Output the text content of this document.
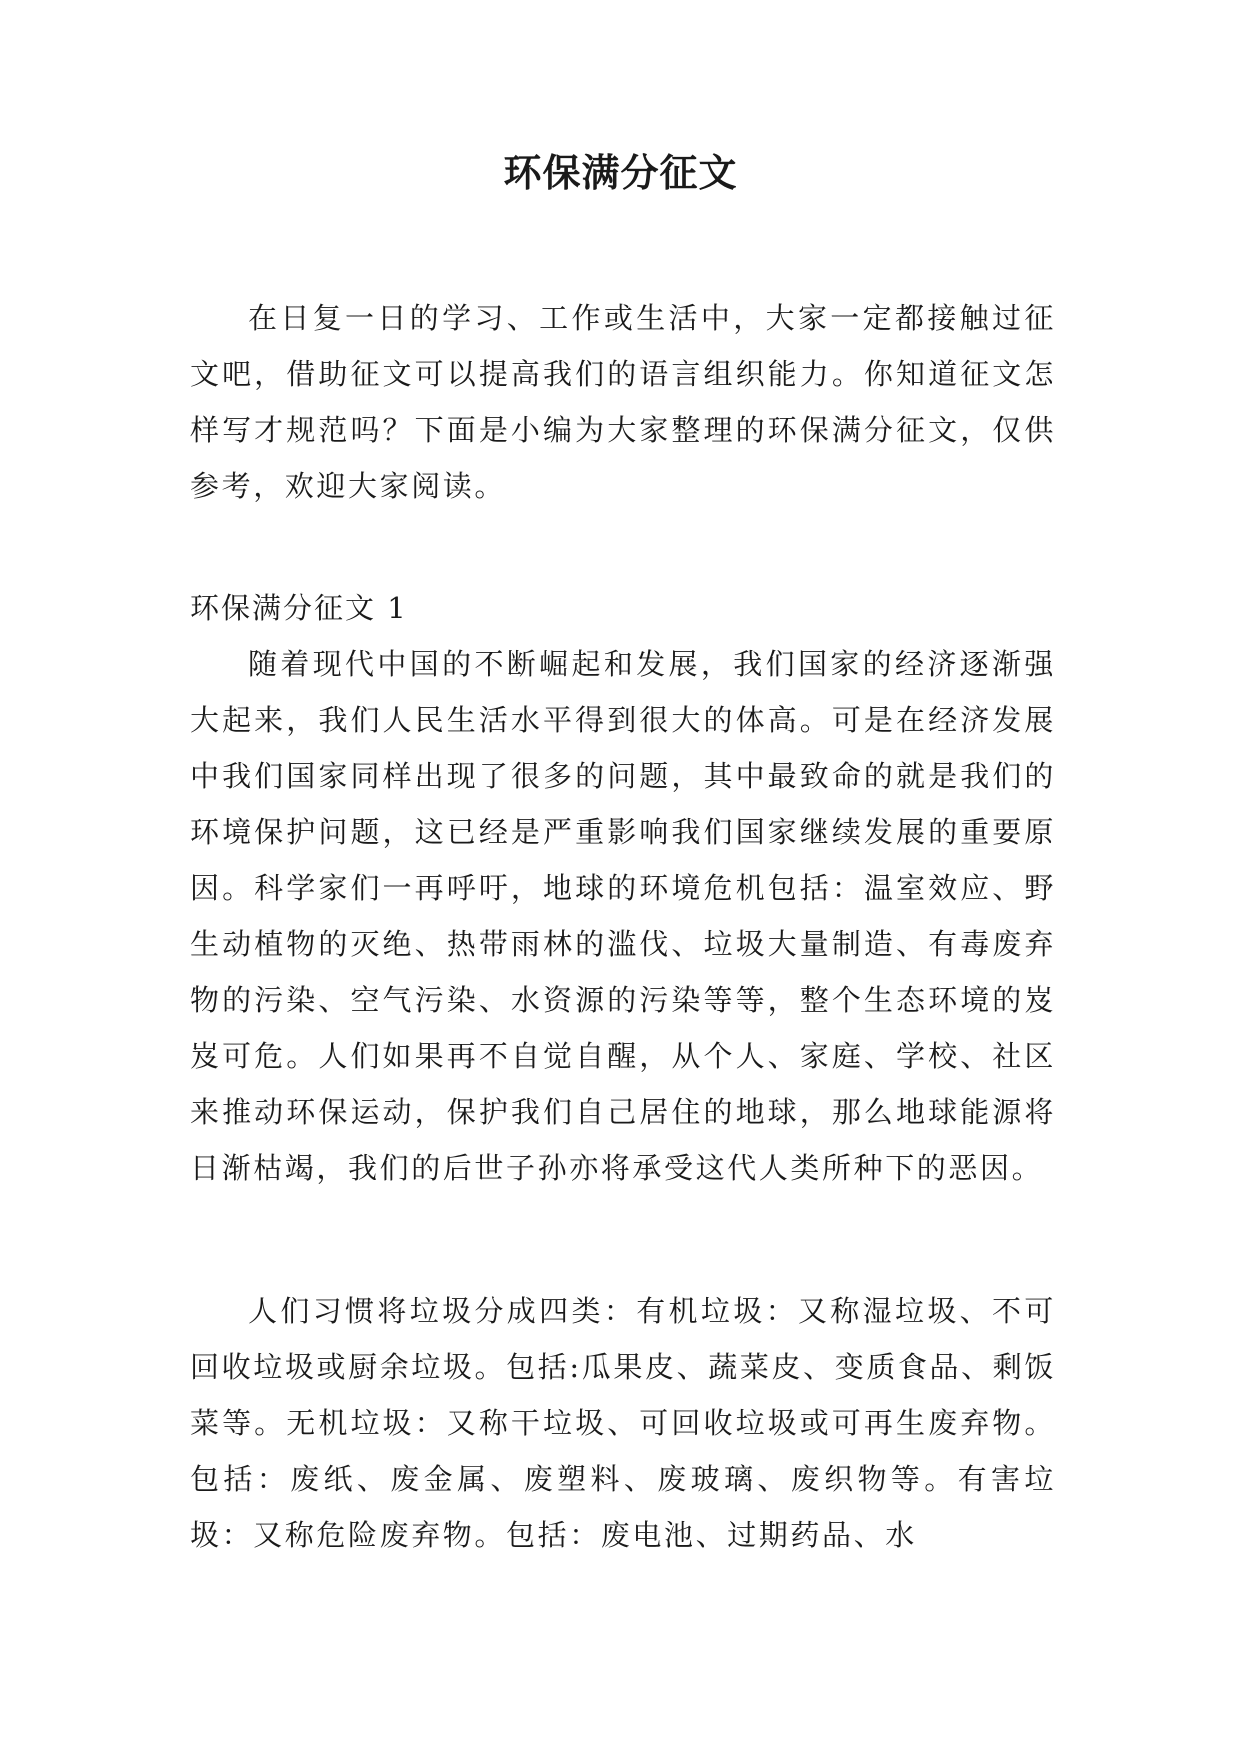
环保满分征文

在日复一日的学习、工作或生活中，大家一定都接触过征文吧，借助征文可以提高我们的语言组织能力。你知道征文怎样写才规范吗？下面是小编为大家整理的环保满分征文，仅供参考，欢迎大家阅读。

环保满分征文 1

随着现代中国的不断崛起和发展，我们国家的经济逐渐强大起来，我们人民生活水平得到很大的体高。可是在经济发展中我们国家同样出现了很多的问题，其中最致命的就是我们的环境保护问题，这已经是严重影响我们国家继续发展的重要原因。科学家们一再呼吁，地球的环境危机包括：温室效应、野生动植物的灭绝、热带雨林的滥伐、垃圾大量制造、有毒废弃物的污染、空气污染、水资源的污染等等，整个生态环境的岌岌可危。人们如果再不自觉自醒，从个人、家庭、学校、社区来推动环保运动，保护我们自己居住的地球，那么地球能源将日渐枯竭，我们的后世子孙亦将承受这代人类所种下的恶因。

人们习惯将垃圾分成四类：有机垃圾：又称湿垃圾、不可回收垃圾或厨余垃圾。包括:瓜果皮、蔬菜皮、变质食品、剩饭菜等。无机垃圾：又称干垃圾、可回收垃圾或可再生废弃物。包括：废纸、废金属、废塑料、废玻璃、废织物等。有害垃圾：又称危险废弃物。包括：废电池、过期药品、水
